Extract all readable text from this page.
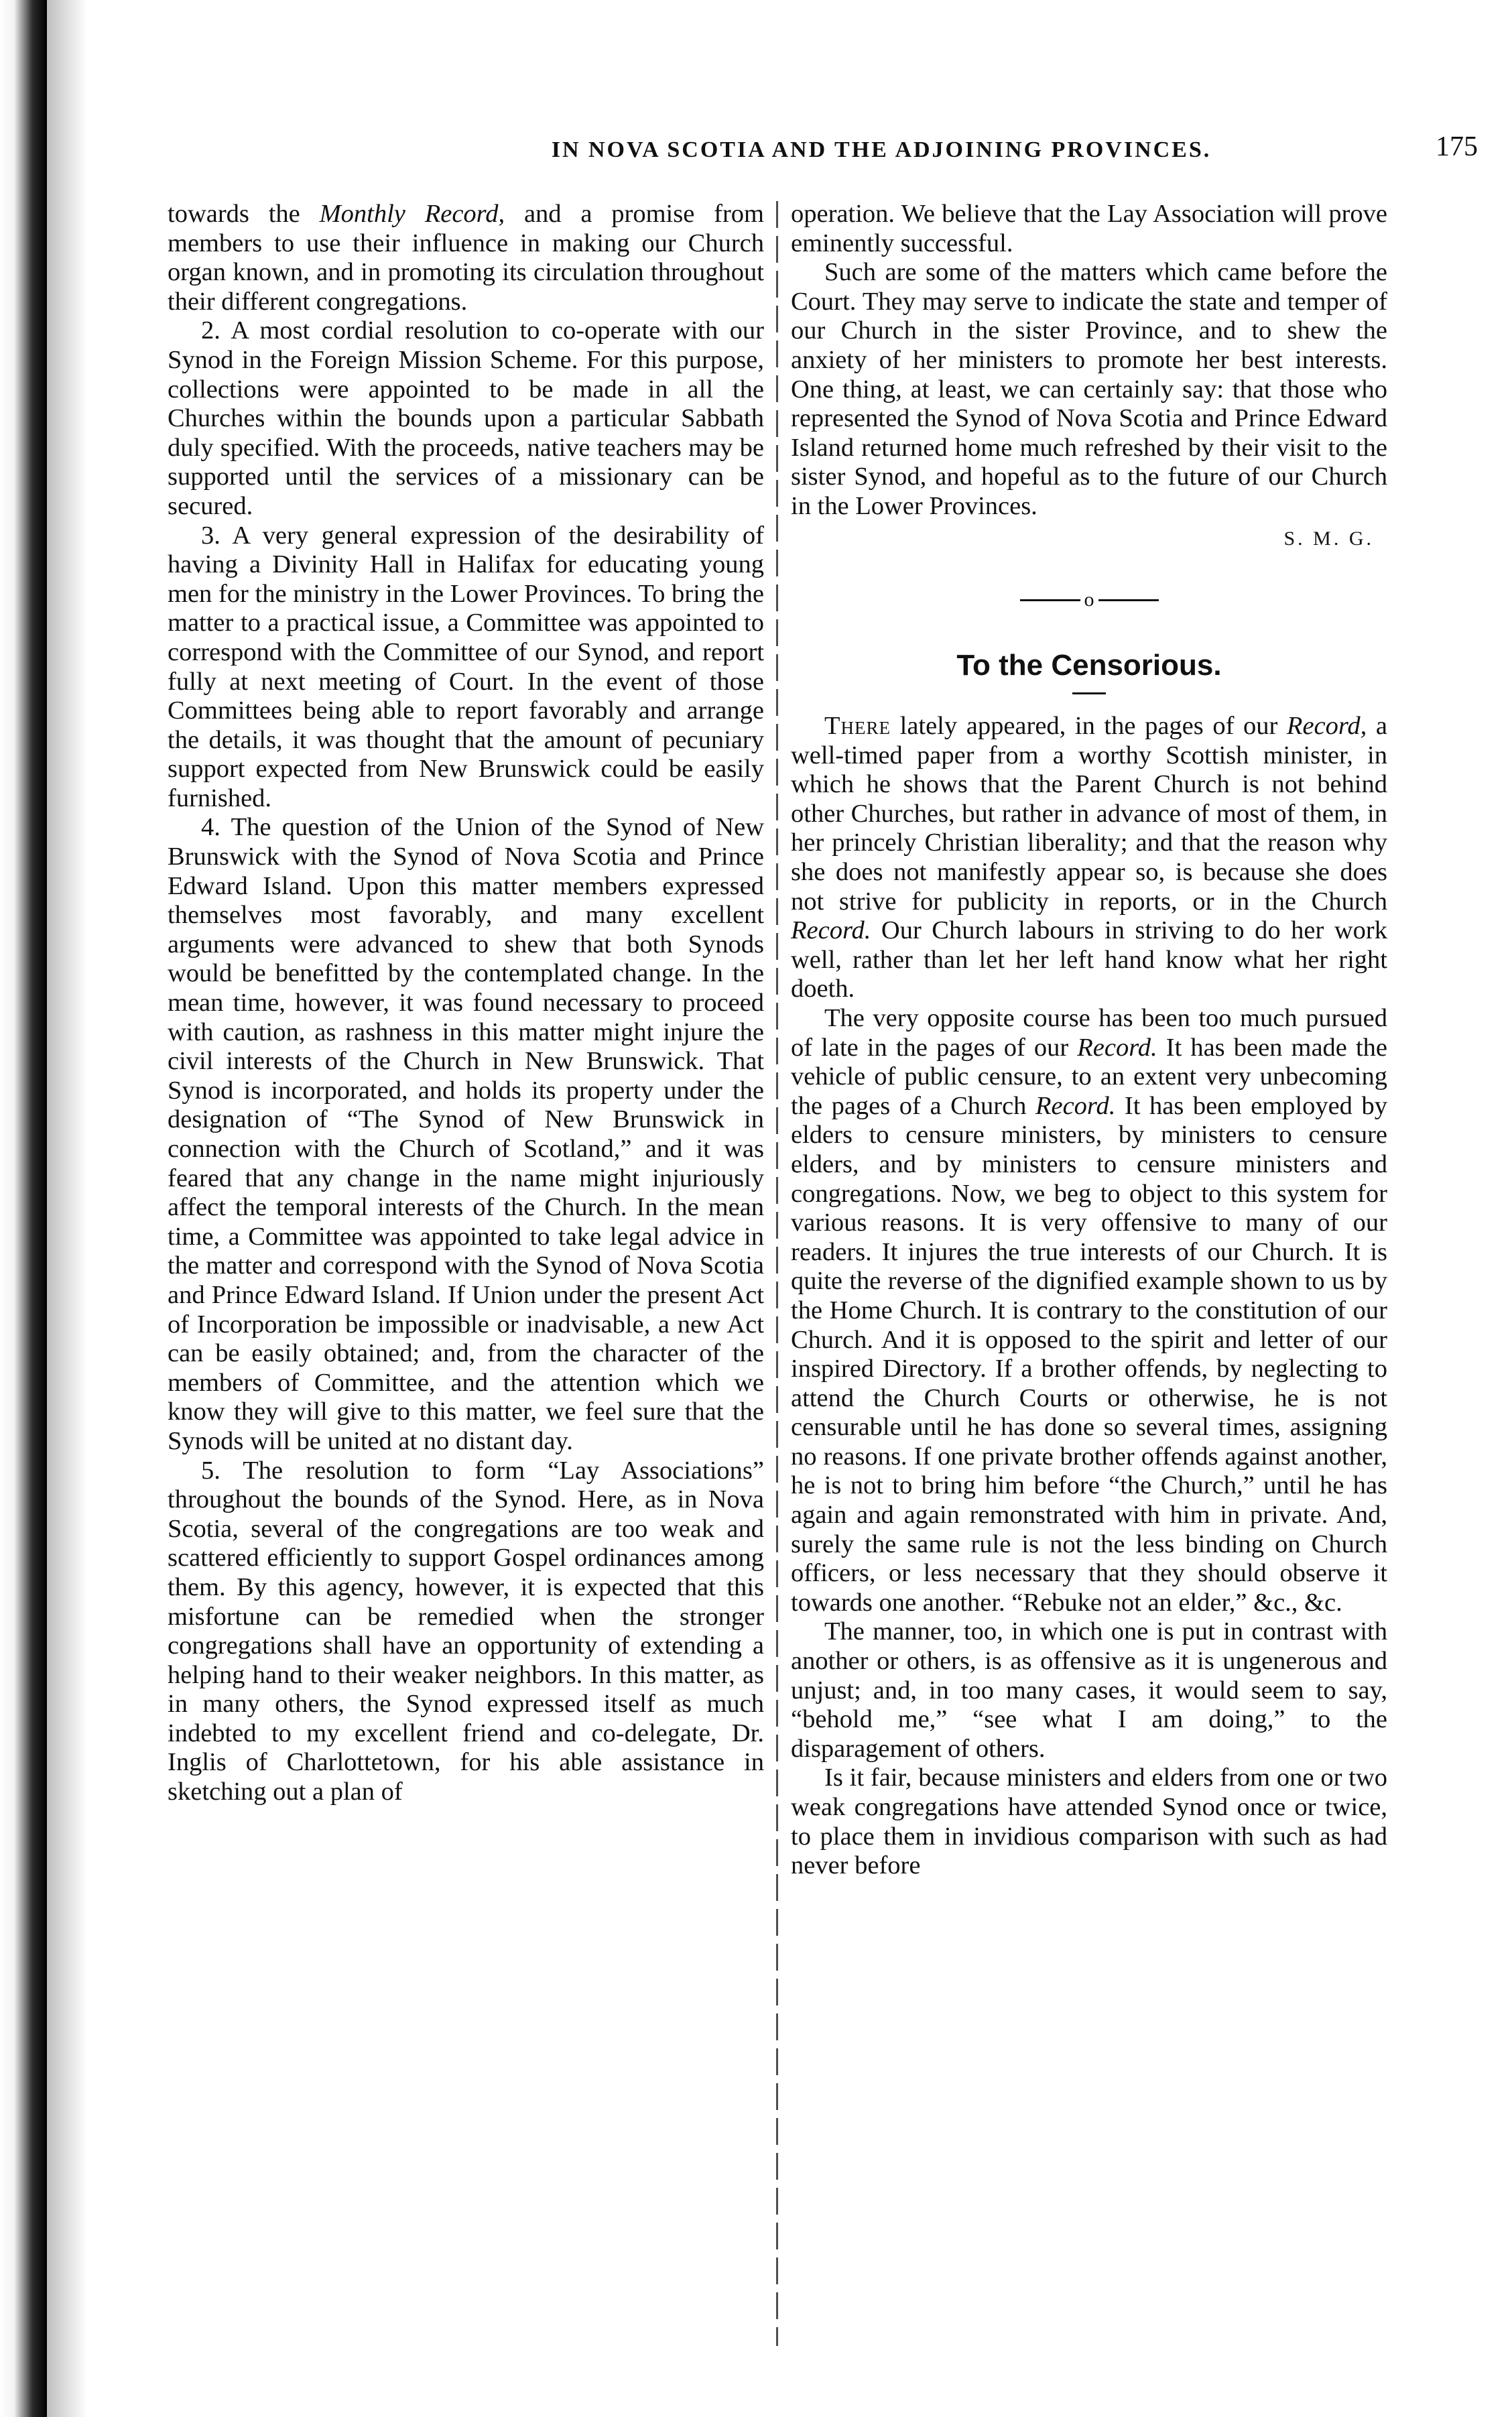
IN NOVA SCOTIA AND THE ADJOINING PROVINCES.	175

towards the Monthly Record, and a promise from members to use their influence in making our Church organ known, and in promoting its circulation throughout their different congregations.

2. A most cordial resolution to co-operate with our Synod in the Foreign Mission Scheme. For this purpose, collections were appointed to be made in all the Churches within the bounds upon a particular Sabbath duly specified. With the proceeds, native teachers may be supported until the services of a missionary can be secured.

3. A very general expression of the desirability of having a Divinity Hall in Halifax for educating young men for the ministry in the Lower Provinces. To bring the matter to a practical issue, a Committee was appointed to correspond with the Committee of our Synod, and report fully at next meeting of Court. In the event of those Committees being able to report favorably and arrange the details, it was thought that the amount of pecuniary support expected from New Brunswick could be easily furnished.

4. The question of the Union of the Synod of New Brunswick with the Synod of Nova Scotia and Prince Edward Island. Upon this matter members expressed themselves most favorably, and many excellent arguments were advanced to shew that both Synods would be benefitted by the contemplated change. In the mean time, however, it was found necessary to proceed with caution, as rashness in this matter might injure the civil interests of the Church in New Brunswick. That Synod is incorporated, and holds its property under the designation of “The Synod of New Brunswick in connection with the Church of Scotland,” and it was feared that any change in the name might injuriously affect the temporal interests of the Church. In the mean time, a Committee was appointed to take legal advice in the matter and correspond with the Synod of Nova Scotia and Prince Edward Island. If Union under the present Act of Incorporation be impossible or inadvisable, a new Act can be easily obtained; and, from the character of the members of Committee, and the attention which we know they will give to this matter, we feel sure that the Synods will be united at no distant day.

5. The resolution to form “Lay Associations” throughout the bounds of the Synod. Here, as in Nova Scotia, several of the congregations are too weak and scattered efficiently to support Gospel ordinances among them. By this agency, however, it is expected that this misfortune can be remedied when the stronger congregations shall have an opportunity of extending a helping hand to their weaker neighbors. In this matter, as in many others, the Synod expressed itself as much indebted to my excellent friend and co-delegate, Dr. Inglis of Charlottetown, for his able assistance in sketching out a plan of

operation. We believe that the Lay Association will prove eminently successful.

Such are some of the matters which came before the Court. They may serve to indicate the state and temper of our Church in the sister Province, and to shew the anxiety of her ministers to promote her best interests. One thing, at least, we can certainly say: that those who represented the Synod of Nova Scotia and Prince Edward Island returned home much refreshed by their visit to the sister Synod, and hopeful as to the future of our Church in the Lower Provinces.

S. M. G.
o
To the Censorious.

There lately appeared, in the pages of our Record, a well-timed paper from a worthy Scottish minister, in which he shows that the Parent Church is not behind other Churches, but rather in advance of most of them, in her princely Christian liberality; and that the reason why she does not manifestly appear so, is because she does not strive for publicity in reports, or in the Church Record. Our Church labours in striving to do her work well, rather than let her left hand know what her right doeth.

The very opposite course has been too much pursued of late in the pages of our Record. It has been made the vehicle of public censure, to an extent very unbecoming the pages of a Church Record. It has been employed by elders to censure ministers, by ministers to censure elders, and by ministers to censure ministers and congregations. Now, we beg to object to this system for various reasons. It is very offensive to many of our readers. It injures the true interests of our Church. It is quite the reverse of the dignified example shown to us by the Home Church. It is contrary to the constitution of our Church. And it is opposed to the spirit and letter of our inspired Directory. If a brother offends, by neglecting to attend the Church Courts or otherwise, he is not censurable until he has done so several times, assigning no reasons. If one private brother offends against another, he is not to bring him before “the Church,” until he has again and again remonstrated with him in private. And, surely the same rule is not the less binding on Church officers, or less necessary that they should observe it towards one another. “Rebuke not an elder,” &c., &c.

The manner, too, in which one is put in contrast with another or others, is as offensive as it is ungenerous and unjust; and, in too many cases, it would seem to say, “behold me,” “see what I am doing,” to the disparagement of others.

Is it fair, because ministers and elders from one or two weak congregations have attended Synod once or twice, to place them in invidious comparison with such as had never before
